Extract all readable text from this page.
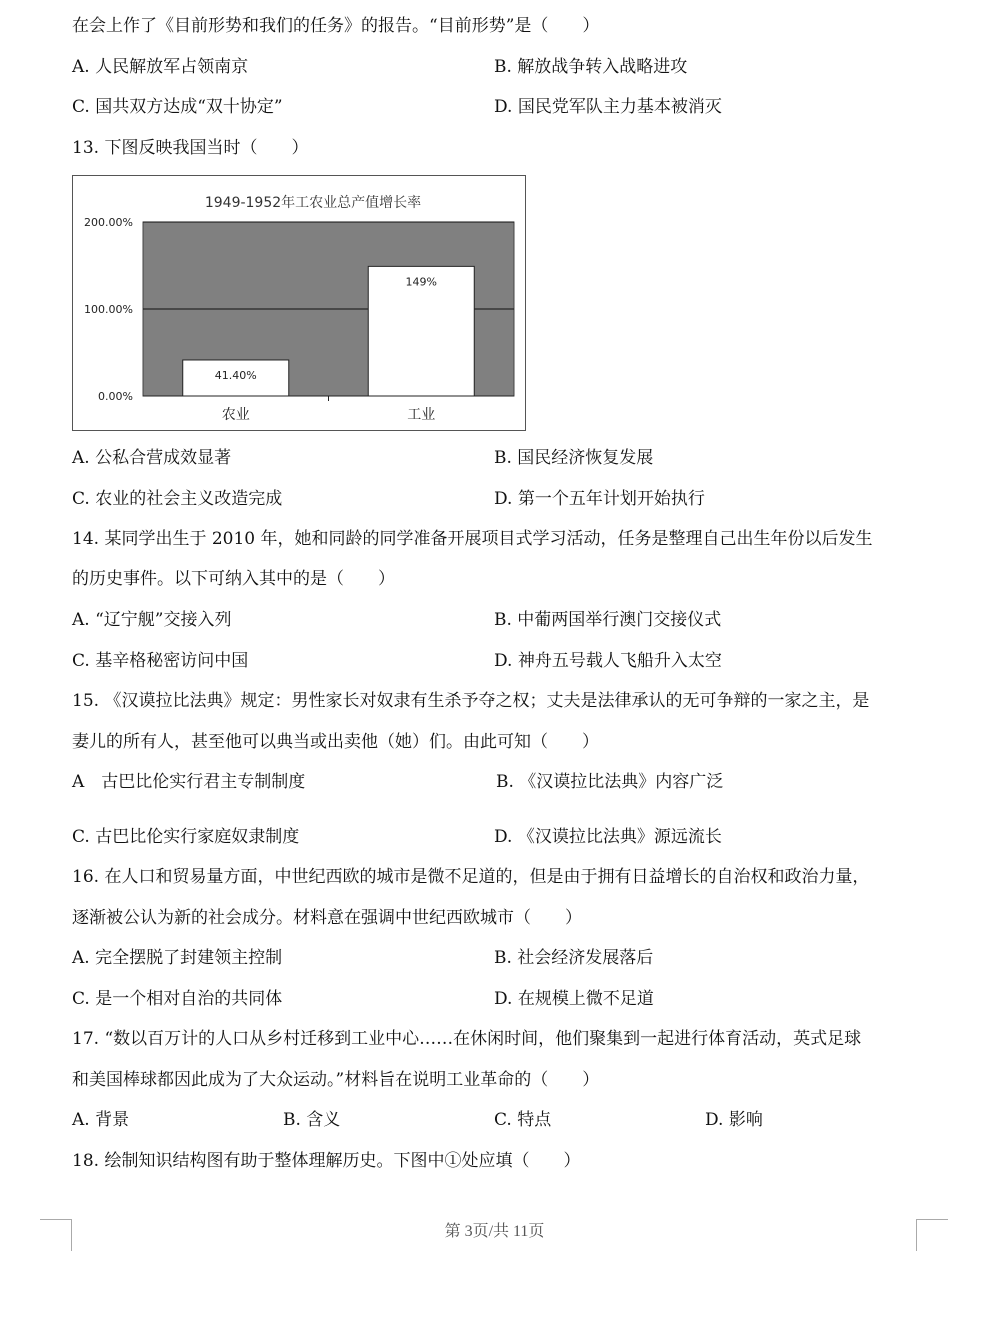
在会上作了《目前形势和我们的任务》的报告。“目前形势”是（　　）
A. 人民解放军占领南京	B. 解放战争转入战略进攻
C. 国共双方达成“双十协定”	D. 国民党军队主力基本被消灭
13. 下图反映我国当时（　　）
1949-1952年工农业总产值增长率
0.00%
100.00%
200.00%
41.40%
农业
149%
工业
A. 公私合营成效显著	B. 国民经济恢复发展
C. 农业的社会主义改造完成	D. 第一个五年计划开始执行
14. 某同学出生于 2010 年，她和同龄的同学准备开展项目式学习活动，任务是整理自己出生年份以后发生
的历史事件。以下可纳入其中的是（　　）
A. “辽宁舰”交接入列	B. 中葡两国举行澳门交接仪式
C. 基辛格秘密访问中国	D. 神舟五号载人飞船升入太空
15. 《汉谟拉比法典》规定：男性家长对奴隶有生杀予夺之权；丈夫是法律承认的无可争辩的一家之主，是
妻儿的所有人，甚至他可以典当或出卖他（她）们。由此可知（　　）
A　古巴比伦实行君主专制制度	B. 《汉谟拉比法典》内容广泛
C. 古巴比伦实行家庭奴隶制度	D. 《汉谟拉比法典》源远流长
16. 在人口和贸易量方面，中世纪西欧的城市是微不足道的，但是由于拥有日益增长的自治权和政治力量，
逐渐被公认为新的社会成分。材料意在强调中世纪西欧城市（　　）
A. 完全摆脱了封建领主控制	B. 社会经济发展落后
C. 是一个相对自治的共同体	D. 在规模上微不足道
17. “数以百万计的人口从乡村迁移到工业中心……在休闲时间，他们聚集到一起进行体育活动，英式足球
和美国棒球都因此成为了大众运动。”材料旨在说明工业革命的（　　）
A. 背景	B. 含义	C. 特点	D. 影响
18. 绘制知识结构图有助于整体理解历史。下图中①处应填（　　）
第 3页/共 11页
